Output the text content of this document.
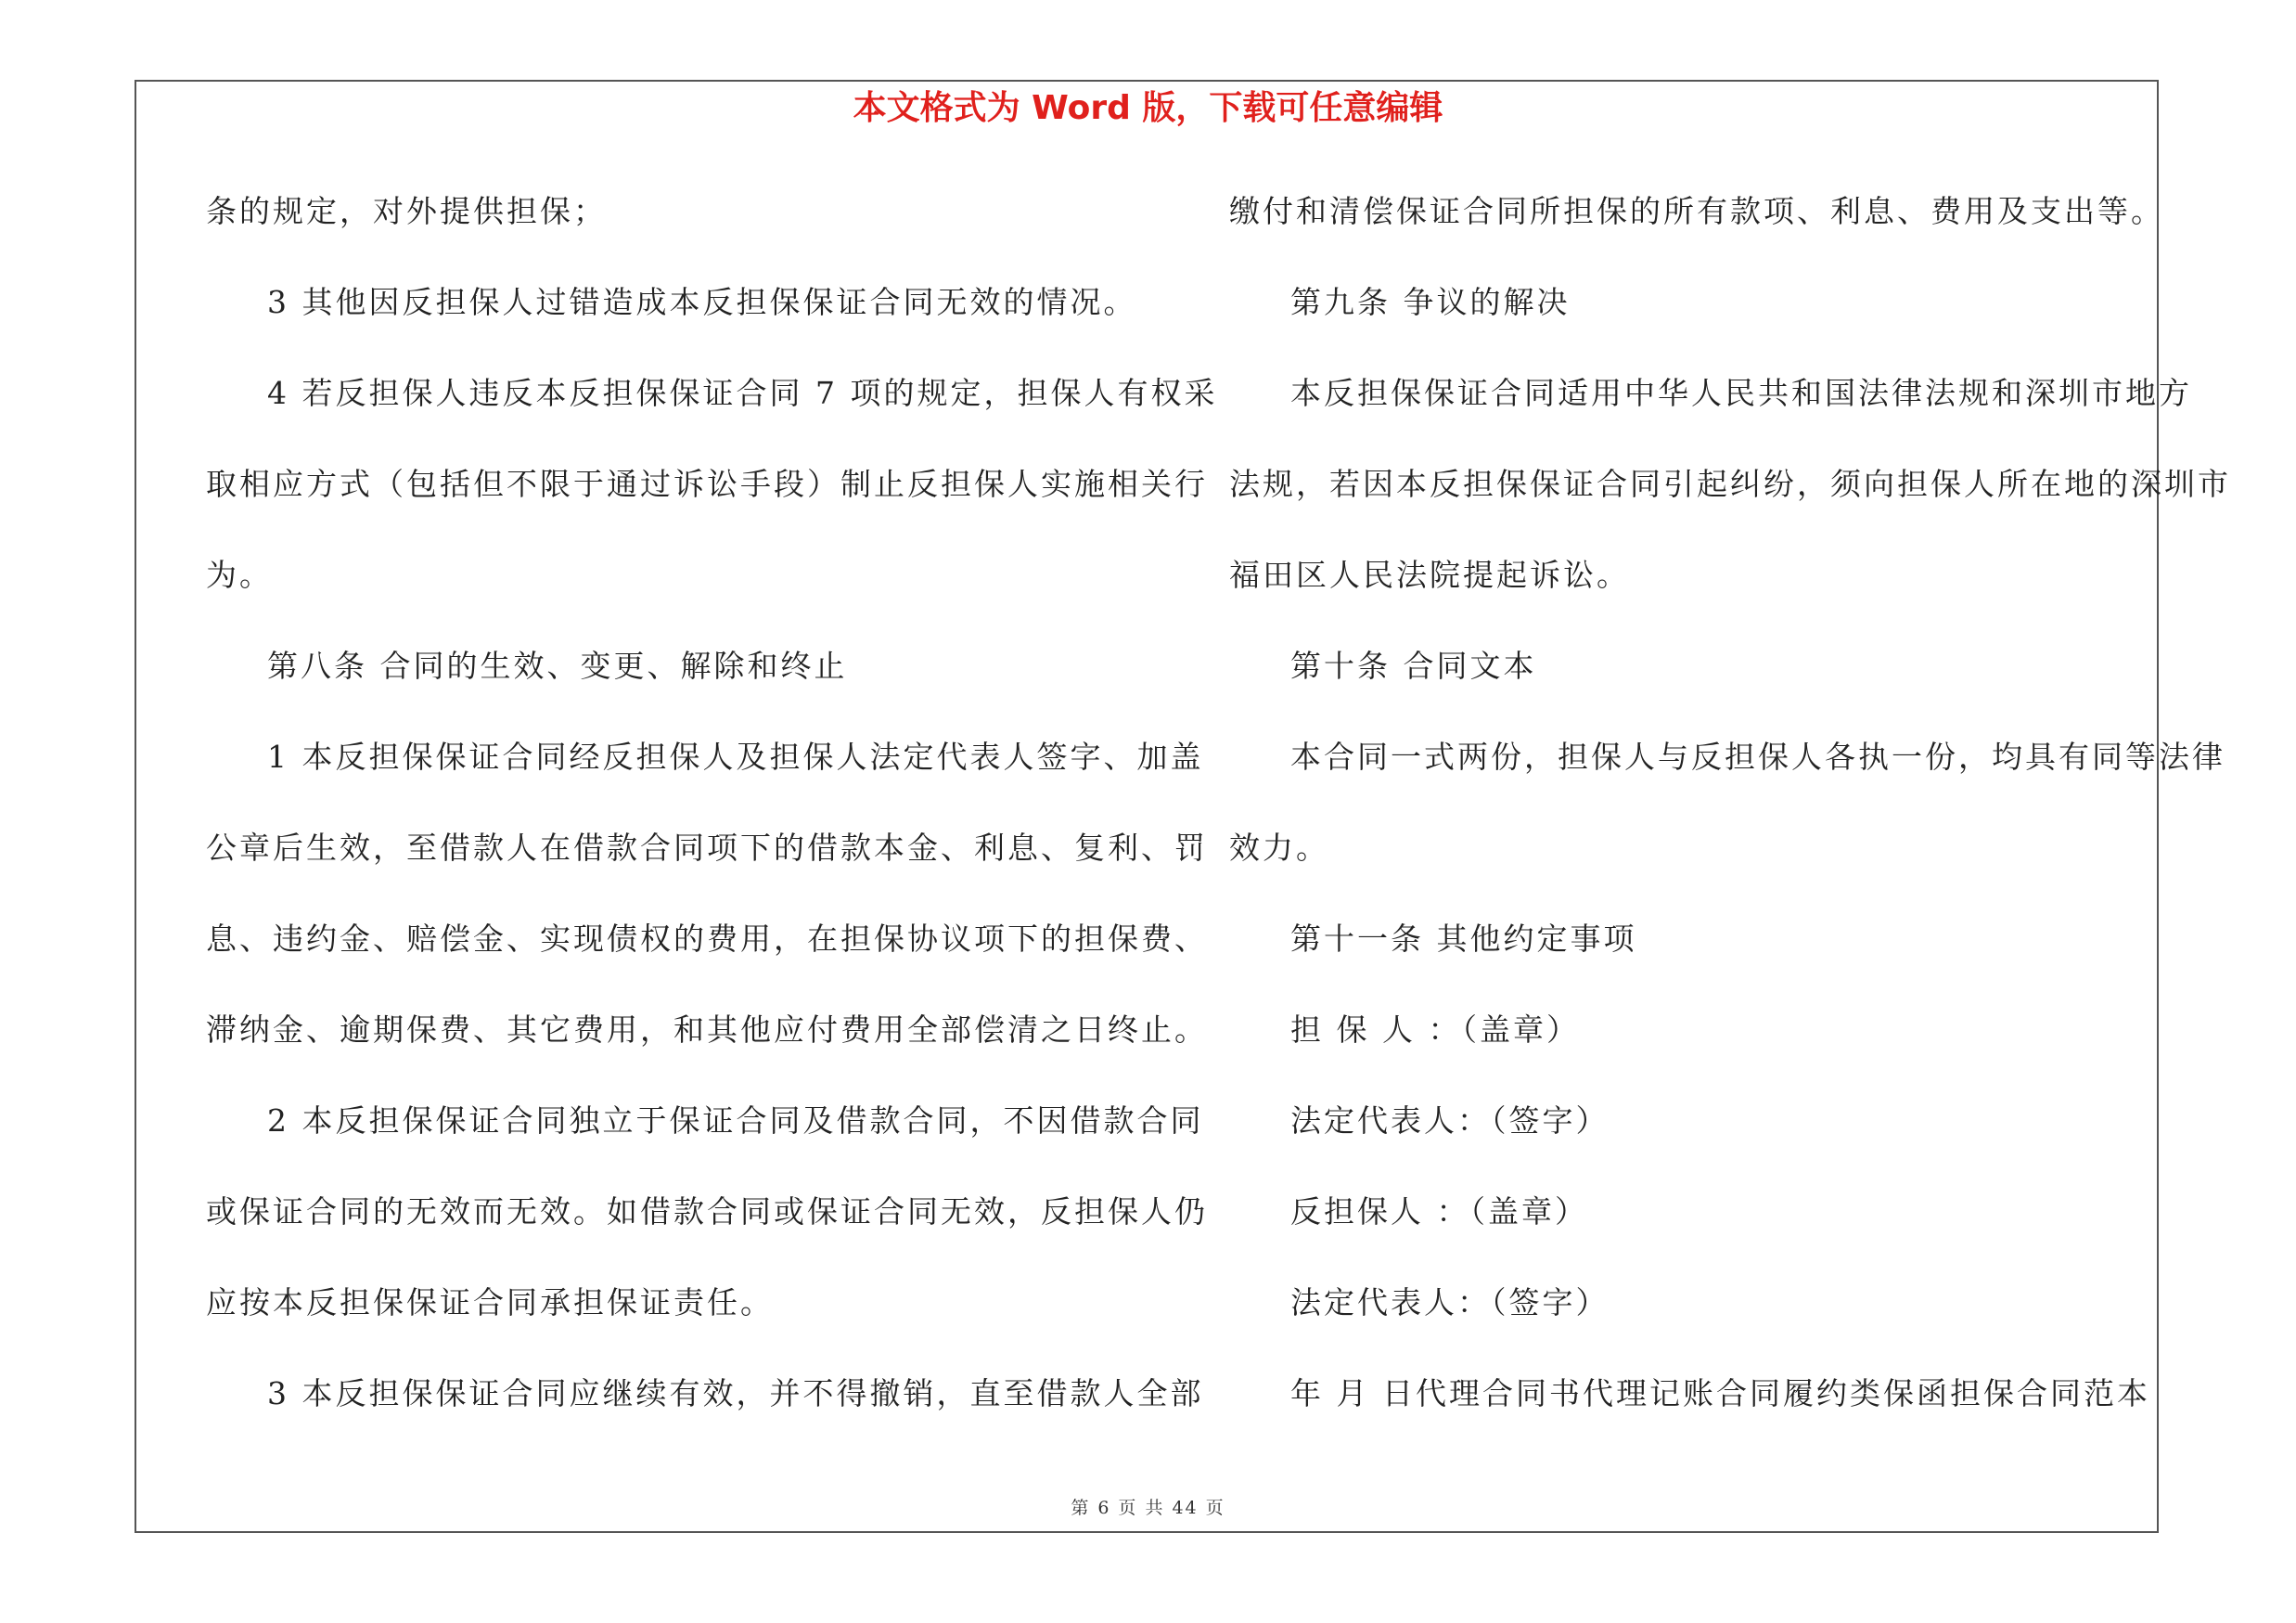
本文格式为 Word 版，下载可任意编辑
条的规定，对外提供担保；
3 其他因反担保人过错造成本反担保保证合同无效的情况。
4 若反担保人违反本反担保保证合同 7 项的规定，担保人有权采
取相应方式（包括但不限于通过诉讼手段）制止反担保人实施相关行
为。
第八条 合同的生效、变更、解除和终止
1 本反担保保证合同经反担保人及担保人法定代表人签字、加盖
公章后生效，至借款人在借款合同项下的借款本金、利息、复利、罚
息、违约金、赔偿金、实现债权的费用，在担保协议项下的担保费、
滞纳金、逾期保费、其它费用，和其他应付费用全部偿清之日终止。
2 本反担保保证合同独立于保证合同及借款合同，不因借款合同
或保证合同的无效而无效。如借款合同或保证合同无效，反担保人仍
应按本反担保保证合同承担保证责任。
3 本反担保保证合同应继续有效，并不得撤销，直至借款人全部
缴付和清偿保证合同所担保的所有款项、利息、费用及支出等。
第九条 争议的解决
本反担保保证合同适用中华人民共和国法律法规和深圳市地方
法规，若因本反担保保证合同引起纠纷，须向担保人所在地的深圳市
福田区人民法院提起诉讼。
第十条 合同文本
本合同一式两份，担保人与反担保人各执一份，均具有同等法律
效力。
第十一条 其他约定事项
担 保 人 ：（盖章）
法定代表人：（签字）
反担保人 ：（盖章）
法定代表人：（签字）
年 月 日代理合同书代理记账合同履约类保函担保合同范本
第 6 页 共 44 页
